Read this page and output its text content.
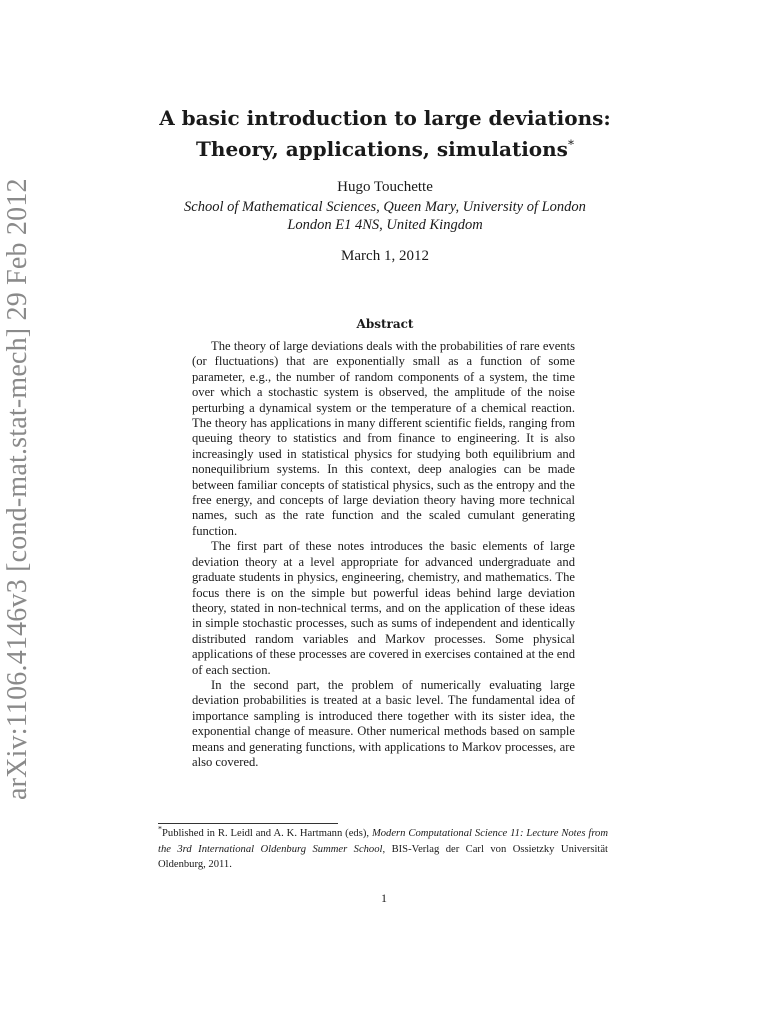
arXiv:1106.4146v3 [cond-mat.stat-mech] 29 Feb 2012
A basic introduction to large deviations:
Theory, applications, simulations*
Hugo Touchette
School of Mathematical Sciences, Queen Mary, University of London
London E1 4NS, United Kingdom
March 1, 2012
Abstract

The theory of large deviations deals with the probabilities of rare events (or fluctuations) that are exponentially small as a function of some parameter, e.g., the number of random components of a system, the time over which a stochastic system is observed, the amplitude of the noise perturbing a dynamical system or the temperature of a chemical reaction. The theory has applications in many different scientific fields, ranging from queuing theory to statistics and from finance to engineering. It is also increasingly used in statistical physics for studying both equilibrium and nonequilibrium systems. In this context, deep analogies can be made between familiar concepts of statistical physics, such as the entropy and the free energy, and concepts of large deviation theory having more technical names, such as the rate function and the scaled cumulant generating function.

The first part of these notes introduces the basic elements of large deviation theory at a level appropriate for advanced undergraduate and graduate students in physics, engineering, chemistry, and mathematics. The focus there is on the simple but powerful ideas behind large deviation theory, stated in non-technical terms, and on the application of these ideas in simple stochastic processes, such as sums of independent and identically distributed random variables and Markov processes. Some physical applications of these processes are covered in exercises contained at the end of each section.

In the second part, the problem of numerically evaluating large deviation probabilities is treated at a basic level. The fundamental idea of importance sampling is introduced there together with its sister idea, the exponential change of measure. Other numerical methods based on sample means and generating functions, with applications to Markov processes, are also covered.

*Published in R. Leidl and A. K. Hartmann (eds), Modern Computational Science 11: Lecture Notes from the 3rd International Oldenburg Summer School, BIS-Verlag der Carl von Ossietzky Universität Oldenburg, 2011.
1
